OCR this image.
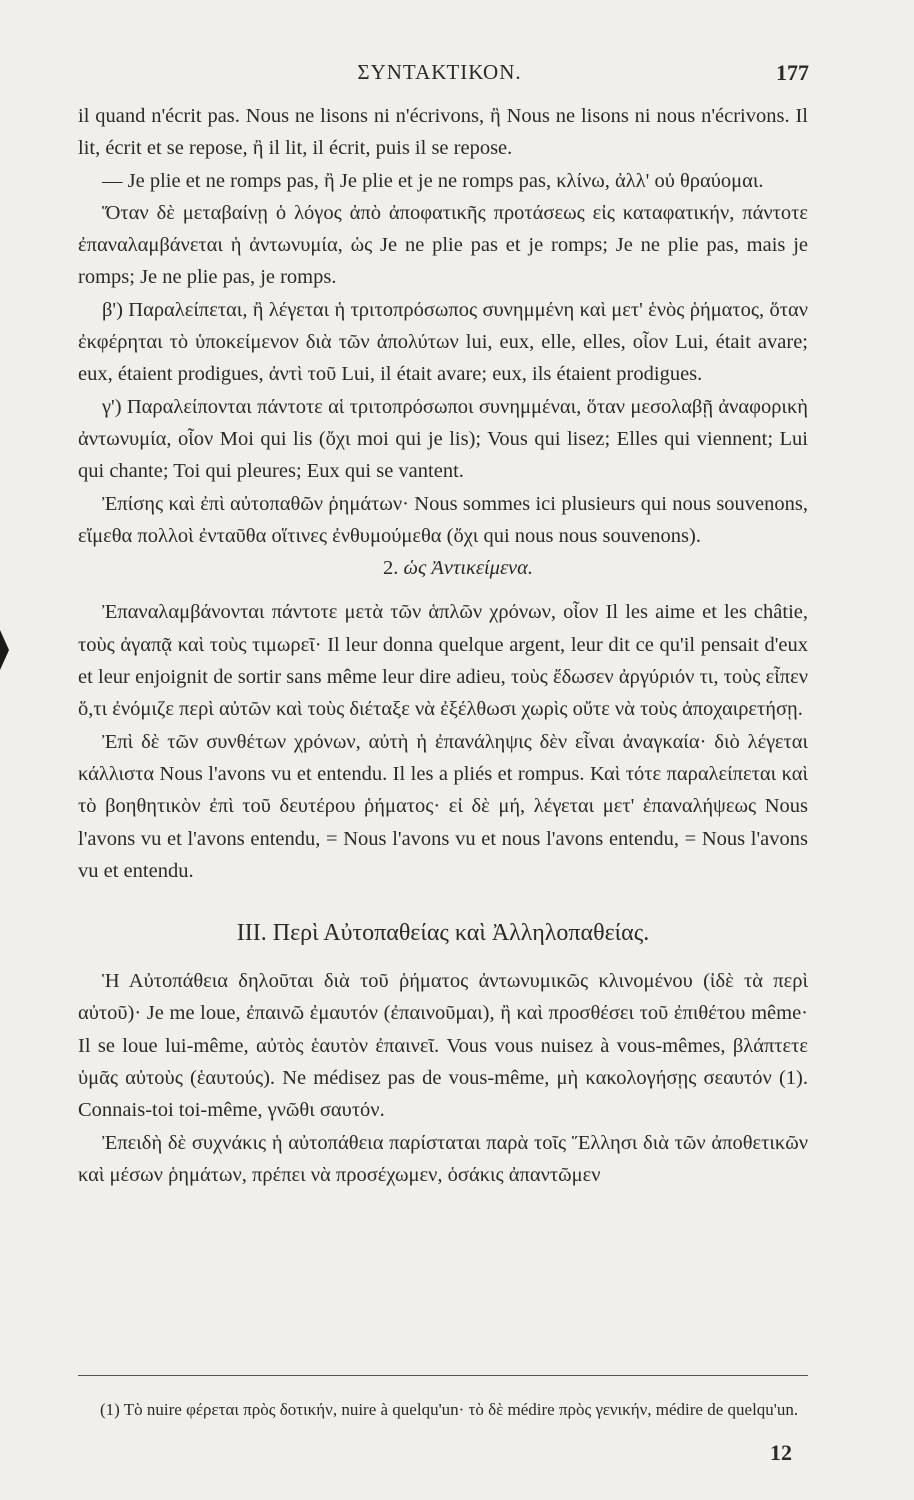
ΣΥΝΤΑΚΤΙΚΟΝ.	177

il quand n'écrit pas. Nous ne lisons ni n'écrivons, ἢ Nous ne lisons ni nous n'écrivons. Il lit, écrit et se repose, ἢ il lit, il écrit, puis il se repose.

— Je plie et ne romps pas, ἢ Je plie et je ne romps pas, κλίνω, ἀλλ' οὐ θραύομαι.

Ὅταν δὲ μεταβαίνῃ ὁ λόγος ἀπὸ ἀποφατικῆς προτάσεως εἰς καταφατικήν, πάντοτε ἐπαναλαμβάνεται ἡ ἀντωνυμία, ὡς Je ne plie pas et je romps; Je ne plie pas, mais je romps; Je ne plie pas, je romps.

β') Παραλείπεται, ἢ λέγεται ἡ τριτοπρόσωπος συνημμένη καὶ μετ' ἑνὸς ῥήματος, ὅταν ἐκφέρηται τὸ ὑποκείμενον διὰ τῶν ἀπολύτων lui, eux, elle, elles, οἷον Lui, était avare; eux, étaient prodigues, ἀντὶ τοῦ Lui, il était avare; eux, ils étaient prodigues.

γ') Παραλείπονται πάντοτε αἱ τριτοπρόσωποι συνημμέναι, ὅταν μεσολαβῇ ἀναφορικὴ ἀντωνυμία, οἷον Moi qui lis (ὄχι moi qui je lis); Vous qui lisez; Elles qui viennent; Lui qui chante; Toi qui pleures; Eux qui se vantent.

Ἐπίσης καὶ ἐπὶ αὐτοπαθῶν ῥημάτων· Nous sommes ici plusieurs qui nous souvenons, εἴμεθα πολλοὶ ἐνταῦθα οἵτινες ἐνθυμούμεθα (ὄχι qui nous nous souvenons).

2. ὡς Ἀντικείμενα.

Ἐπαναλαμβάνονται πάντοτε μετὰ τῶν ἁπλῶν χρόνων, οἷον Il les aime et les châtie, τοὺς ἀγαπᾷ καὶ τοὺς τιμωρεῖ· Il leur donna quelque argent, leur dit ce qu'il pensait d'eux et leur enjoignit de sortir sans même leur dire adieu, τοὺς ἔδωσεν ἀργύριόν τι, τοὺς εἶπεν ὅ,τι ἐνόμιζε περὶ αὐτῶν καὶ τοὺς διέταξε νὰ ἐξέλθωσι χωρὶς οὔτε νὰ τοὺς ἀποχαιρετήσῃ.

Ἐπὶ δὲ τῶν συνθέτων χρόνων, αὐτὴ ἡ ἐπανάληψις δὲν εἶναι ἀναγκαία· διὸ λέγεται κάλλιστα Nous l'avons vu et entendu. Il les a pliés et rompus. Καὶ τότε παραλείπεται καὶ τὸ βοηθητικὸν ἐπὶ τοῦ δευτέρου ῥήματος· εἰ δὲ μή, λέγεται μετ' ἐπαναλήψεως Nous l'avons vu et l'avons entendu, = Nous l'avons vu et nous l'avons entendu, = Nous l'avons vu et entendu.

III. Περὶ Αὐτοπαθείας καὶ Ἀλληλοπαθείας.

Ἡ Αὐτοπάθεια δηλοῦται διὰ τοῦ ῥήματος ἀντωνυμικῶς κλινομένου (ἰδὲ τὰ περὶ αὐτοῦ)· Je me loue, ἐπαινῶ ἐμαυτόν (ἐπαινοῦμαι), ἢ καὶ προσθέσει τοῦ ἐπιθέτου même· Il se loue lui-même, αὐτὸς ἑαυτὸν ἐπαινεῖ. Vous vous nuisez à vous-mêmes, βλάπτετε ὑμᾶς αὐτοὺς (ἑαυτούς). Ne médisez pas de vous-même, μὴ κακολογήσῃς σεαυτόν (1). Connais-toi toi-même, γνῶθι σαυτόν.

Ἐπειδὴ δὲ συχνάκις ἡ αὐτοπάθεια παρίσταται παρὰ τοῖς Ἕλλησι διὰ τῶν ἀποθετικῶν καὶ μέσων ῥημάτων, πρέπει νὰ προσέχωμεν, ὁσάκις ἀπαντῶμεν

(1) Τὸ nuire φέρεται πρὸς δοτικήν, nuire à quelqu'un· τὸ δὲ médire πρὸς γενικήν, médire de quelqu'un.

12
